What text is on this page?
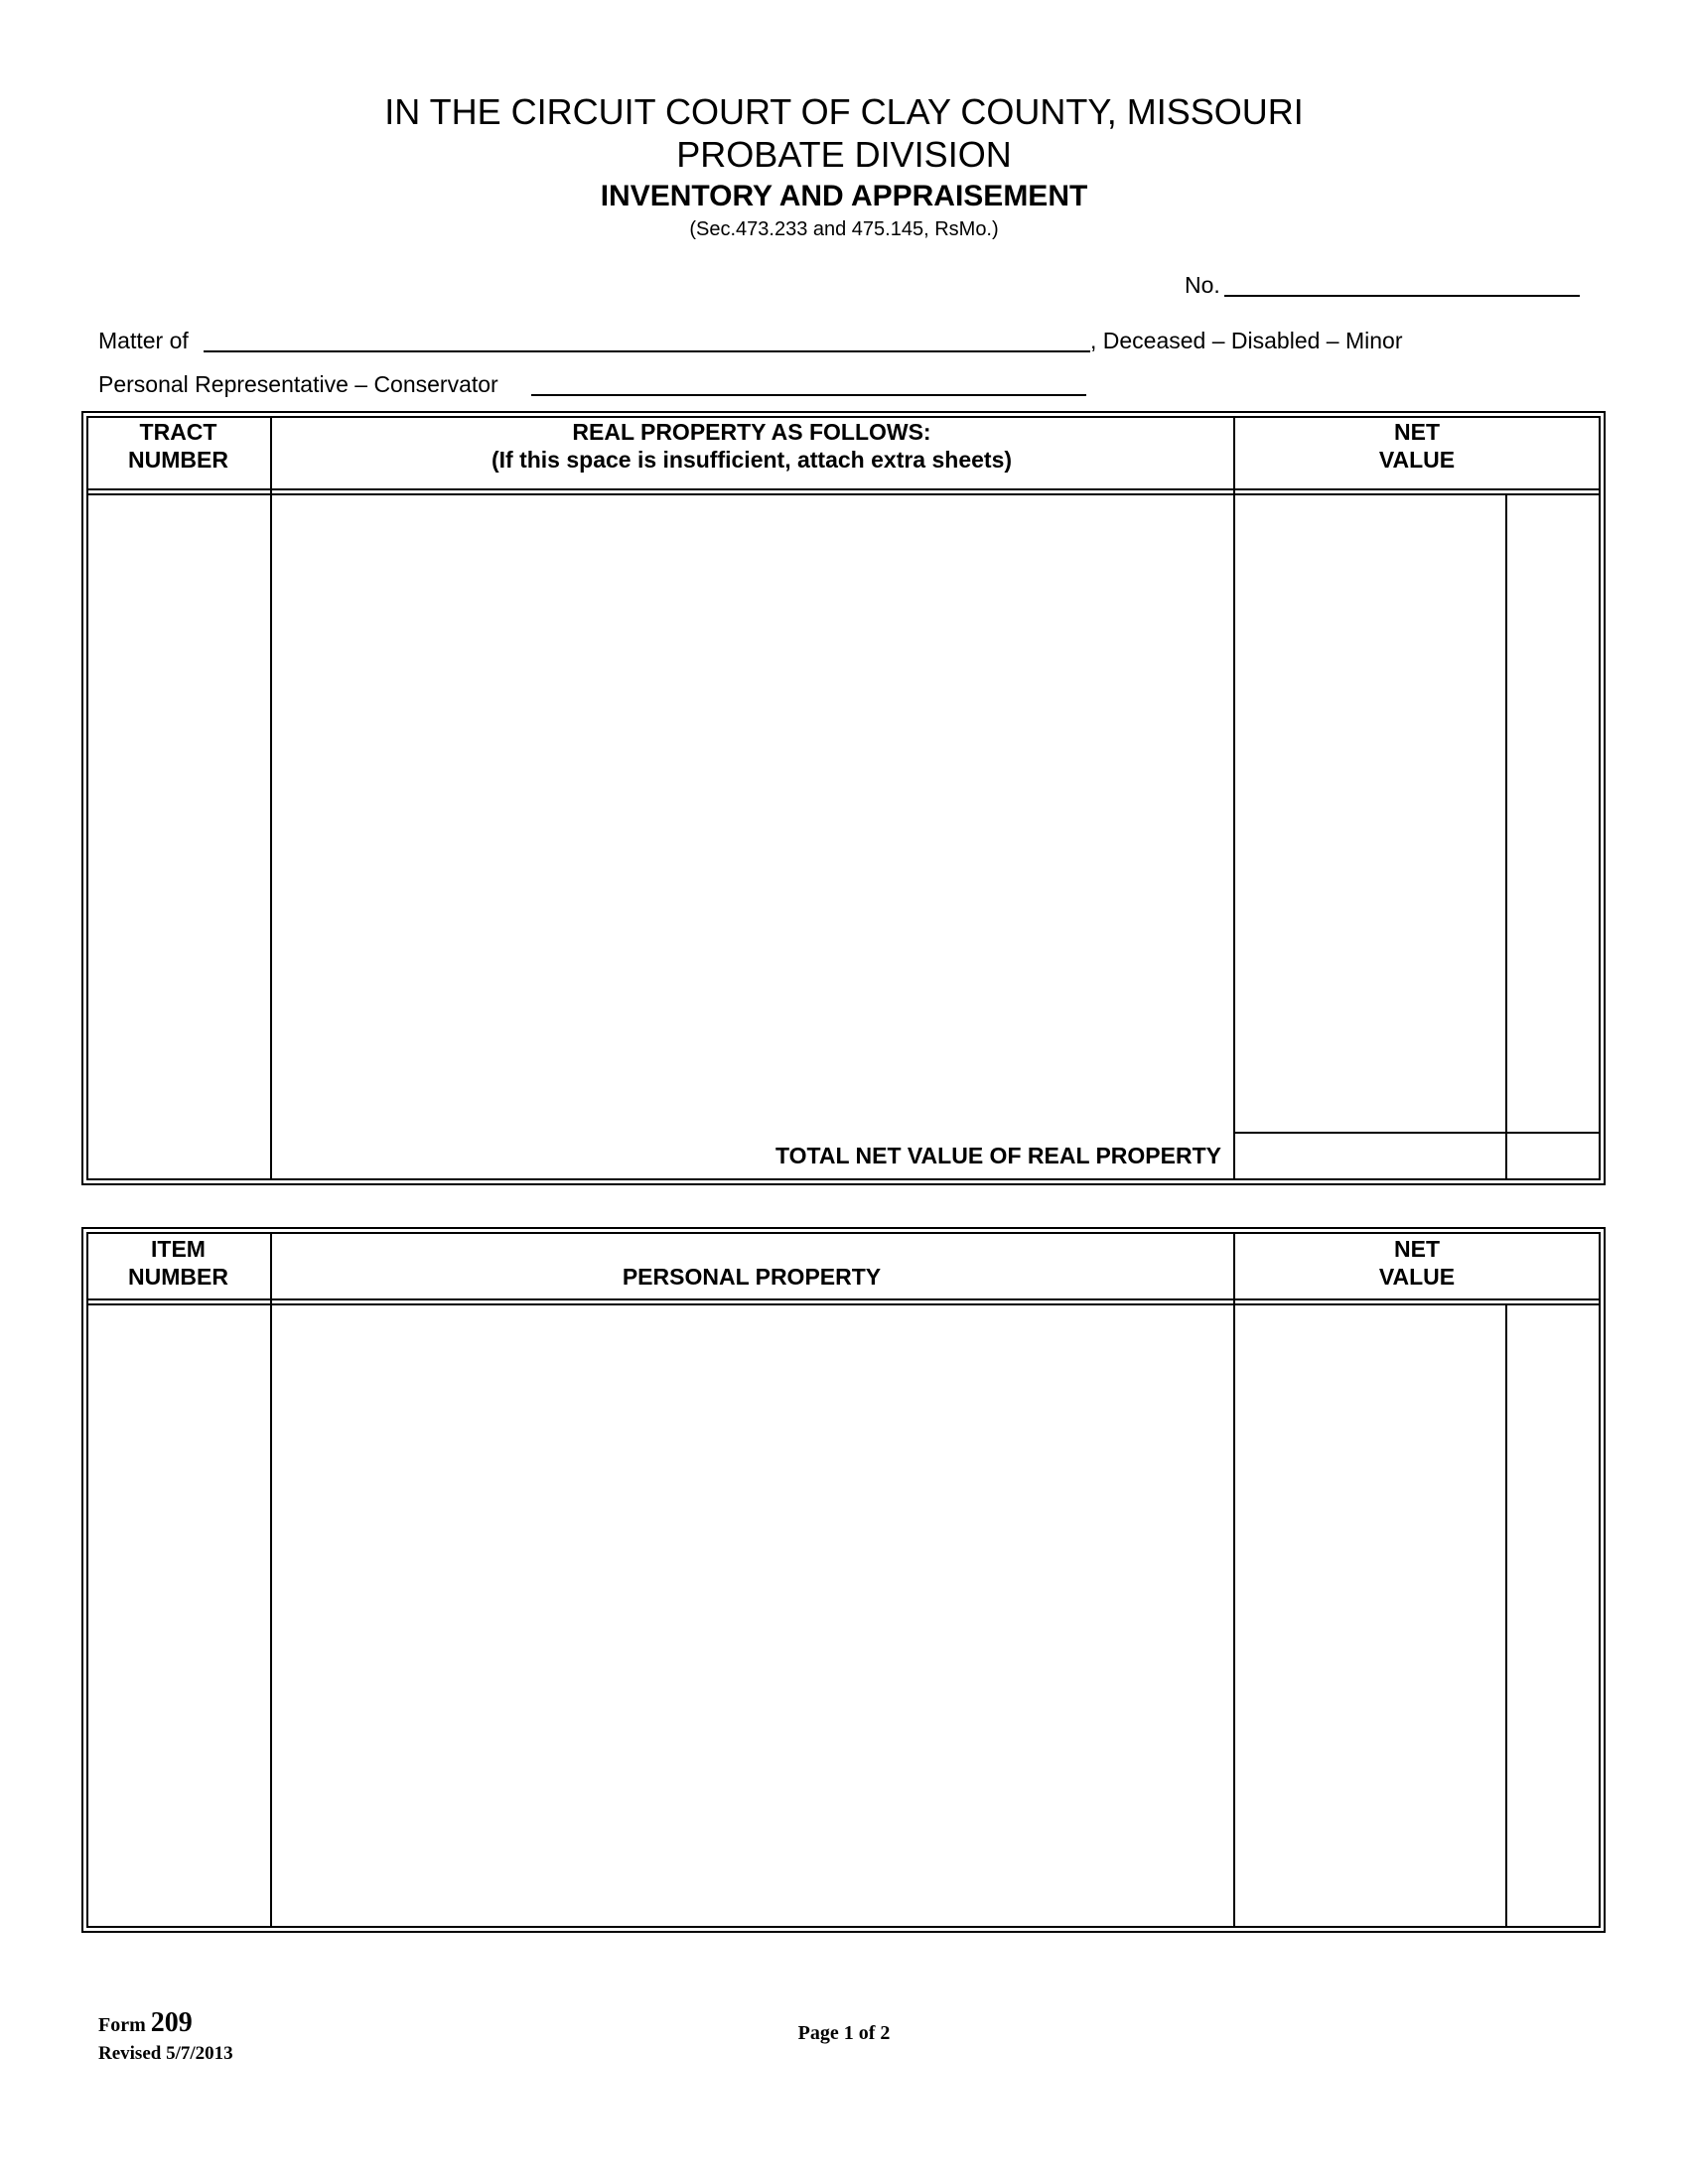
IN THE CIRCUIT COURT OF CLAY COUNTY, MISSOURI
PROBATE DIVISION
INVENTORY AND APPRAISEMENT
(Sec.473.233 and 475.145, RsMo.)
No.
Matter of	, Deceased – Disabled – Minor
Personal Representative – Conservator
TRACT
NUMBER
REAL PROPERTY AS FOLLOWS:
(If this space is insufficient, attach extra sheets)
NET
VALUE
TOTAL NET VALUE OF REAL PROPERTY
ITEM
NUMBER	PERSONAL PROPERTY
NET
VALUE
Form 209
Revised 5/7/2013
Page 1 of 2
